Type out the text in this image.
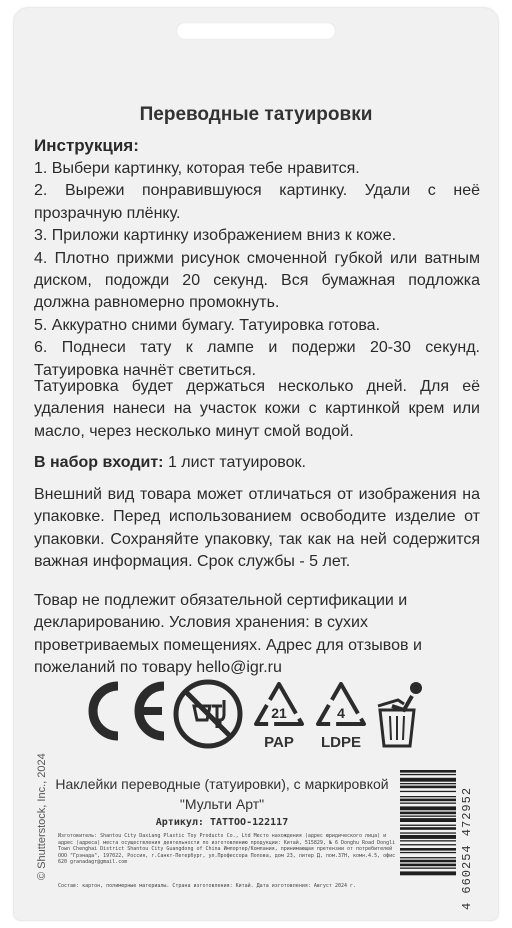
Переводные татуировки
Инструкция:
1. Выбери картинку, которая тебе нравится.
2. Вырежи понравившуюся картинку. Удали с неё прозрачную плёнку.
3. Приложи картинку изображением вниз к коже.
4. Плотно прижми рисунок смоченной губкой или ватным диском, подожди 20 секунд. Вся бумажная подложка должна равномерно промокнуть.
5. Аккуратно сними бумагу. Татуировка готова.
6. Поднеси тату к лампе и подержи 20-30 секунд. Татуировка начнёт светиться.
Татуировка будет держаться несколько дней. Для её удаления нанеси на участок кожи с картинкой крем или масло, через несколько минут смой водой.
В набор входит: 1 лист татуировок.
Внешний вид товара может отличаться от изображения на упаковке. Перед использованием освободите изделие от упаковки. Сохраняйте упаковку, так как на ней содержится важная информация. Срок службы - 5 лет.
Товар не подлежит обязательной сертификации и декларированию. Условия хранения: в сухих проветриваемых помещениях. Адрес для отзывов и пожеланий по товару hello@igr.ru
21
PAP
4
LDPE
Наклейки переводные (татуировки), с маркировкой "Мульти Арт"
Артикул: TATTOO-122117
Изготовитель: Shantou City Daxiang Plastic Toy Products Co., Ltd Место нахождения (адрес юридического лица) и адрес (адреса) места осуществления деятельности по изготовлению продукции: Китай, 515829, № 6 Donghu Road Dongli Town Chenghai District Shantou City Guangdong of China Импортер/Компания, принимающая претензии от потребителей ООО "Грэнада", 197022, Россия, г.Санкт-Петербург, ул.Профессора Попова, дом 23, литер Д, пом.37Н, комн.4.5, офис 620 granadagr@gmail.com
Состав: картон, полимерные материалы. Страна изготовления: Китай. Дата изготовления: Август 2024 г.
© Shutterstock, Inc., 2024	4 660254 472952
